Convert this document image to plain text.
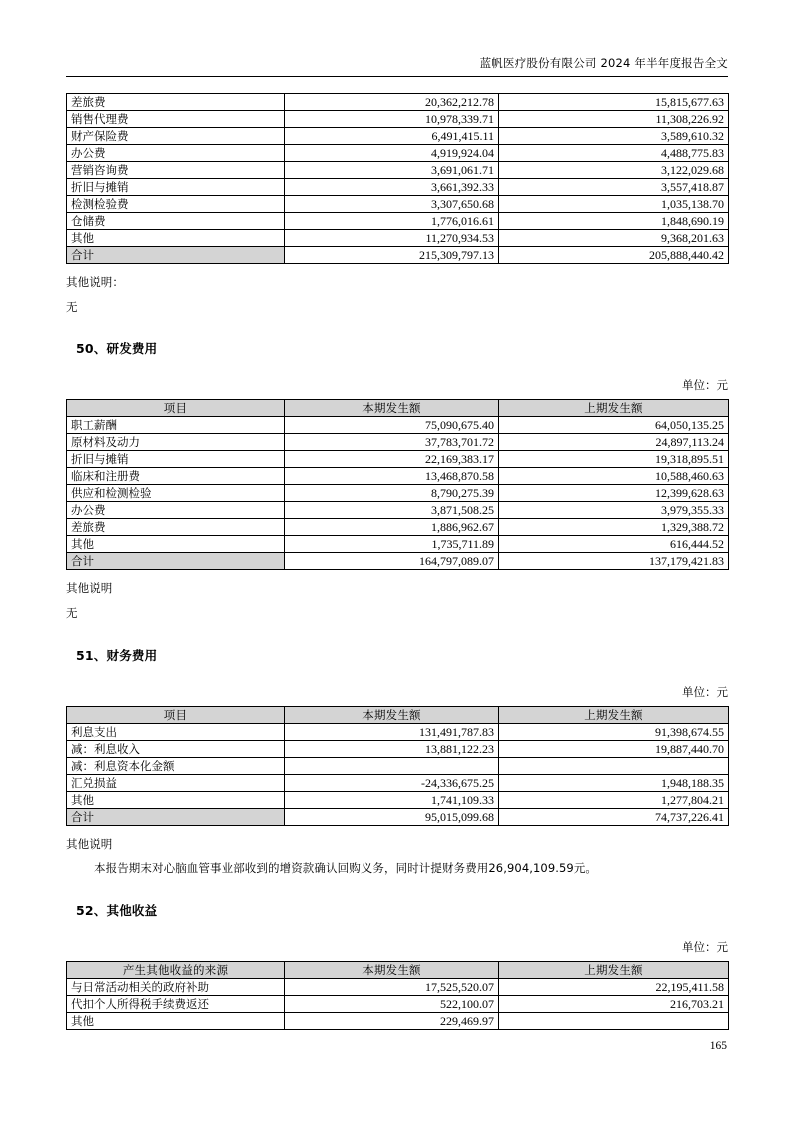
蓝帆医疗股份有限公司 2024 年半年度报告全文
差旅费	20,362,212.78	15,815,677.63
销售代理费	10,978,339.71	11,308,226.92
财产保险费	6,491,415.11	3,589,610.32
办公费	4,919,924.04	4,488,775.83
营销咨询费	3,691,061.71	3,122,029.68
折旧与摊销	3,661,392.33	3,557,418.87
检测检验费	3,307,650.68	1,035,138.70
仓储费	1,776,016.61	1,848,690.19
其他	11,270,934.53	9,368,201.63
合计	215,309,797.13	205,888,440.42
其他说明：
无
50、研发费用
单位：元
项目	本期发生额	上期发生额
职工薪酬	75,090,675.40	64,050,135.25
原材料及动力	37,783,701.72	24,897,113.24
折旧与摊销	22,169,383.17	19,318,895.51
临床和注册费	13,468,870.58	10,588,460.63
供应和检测检验	8,790,275.39	12,399,628.63
办公费	3,871,508.25	3,979,355.33
差旅费	1,886,962.67	1,329,388.72
其他	1,735,711.89	616,444.52
合计	164,797,089.07	137,179,421.83
其他说明
无
51、财务费用
单位：元
项目	本期发生额	上期发生额
利息支出	131,491,787.83	91,398,674.55
减：利息收入	13,881,122.23	19,887,440.70
减：利息资本化金额		
汇兑损益	-24,336,675.25	1,948,188.35
其他	1,741,109.33	1,277,804.21
合计	95,015,099.68	74,737,226.41
其他说明
本报告期末对心脑血管事业部收到的增资款确认回购义务，同时计提财务费用26,904,109.59元。
52、其他收益
单位：元
产生其他收益的来源	本期发生额	上期发生额
与日常活动相关的政府补助	17,525,520.07	22,195,411.58
代扣个人所得税手续费返还	522,100.07	216,703.21
其他	229,469.97	
165
